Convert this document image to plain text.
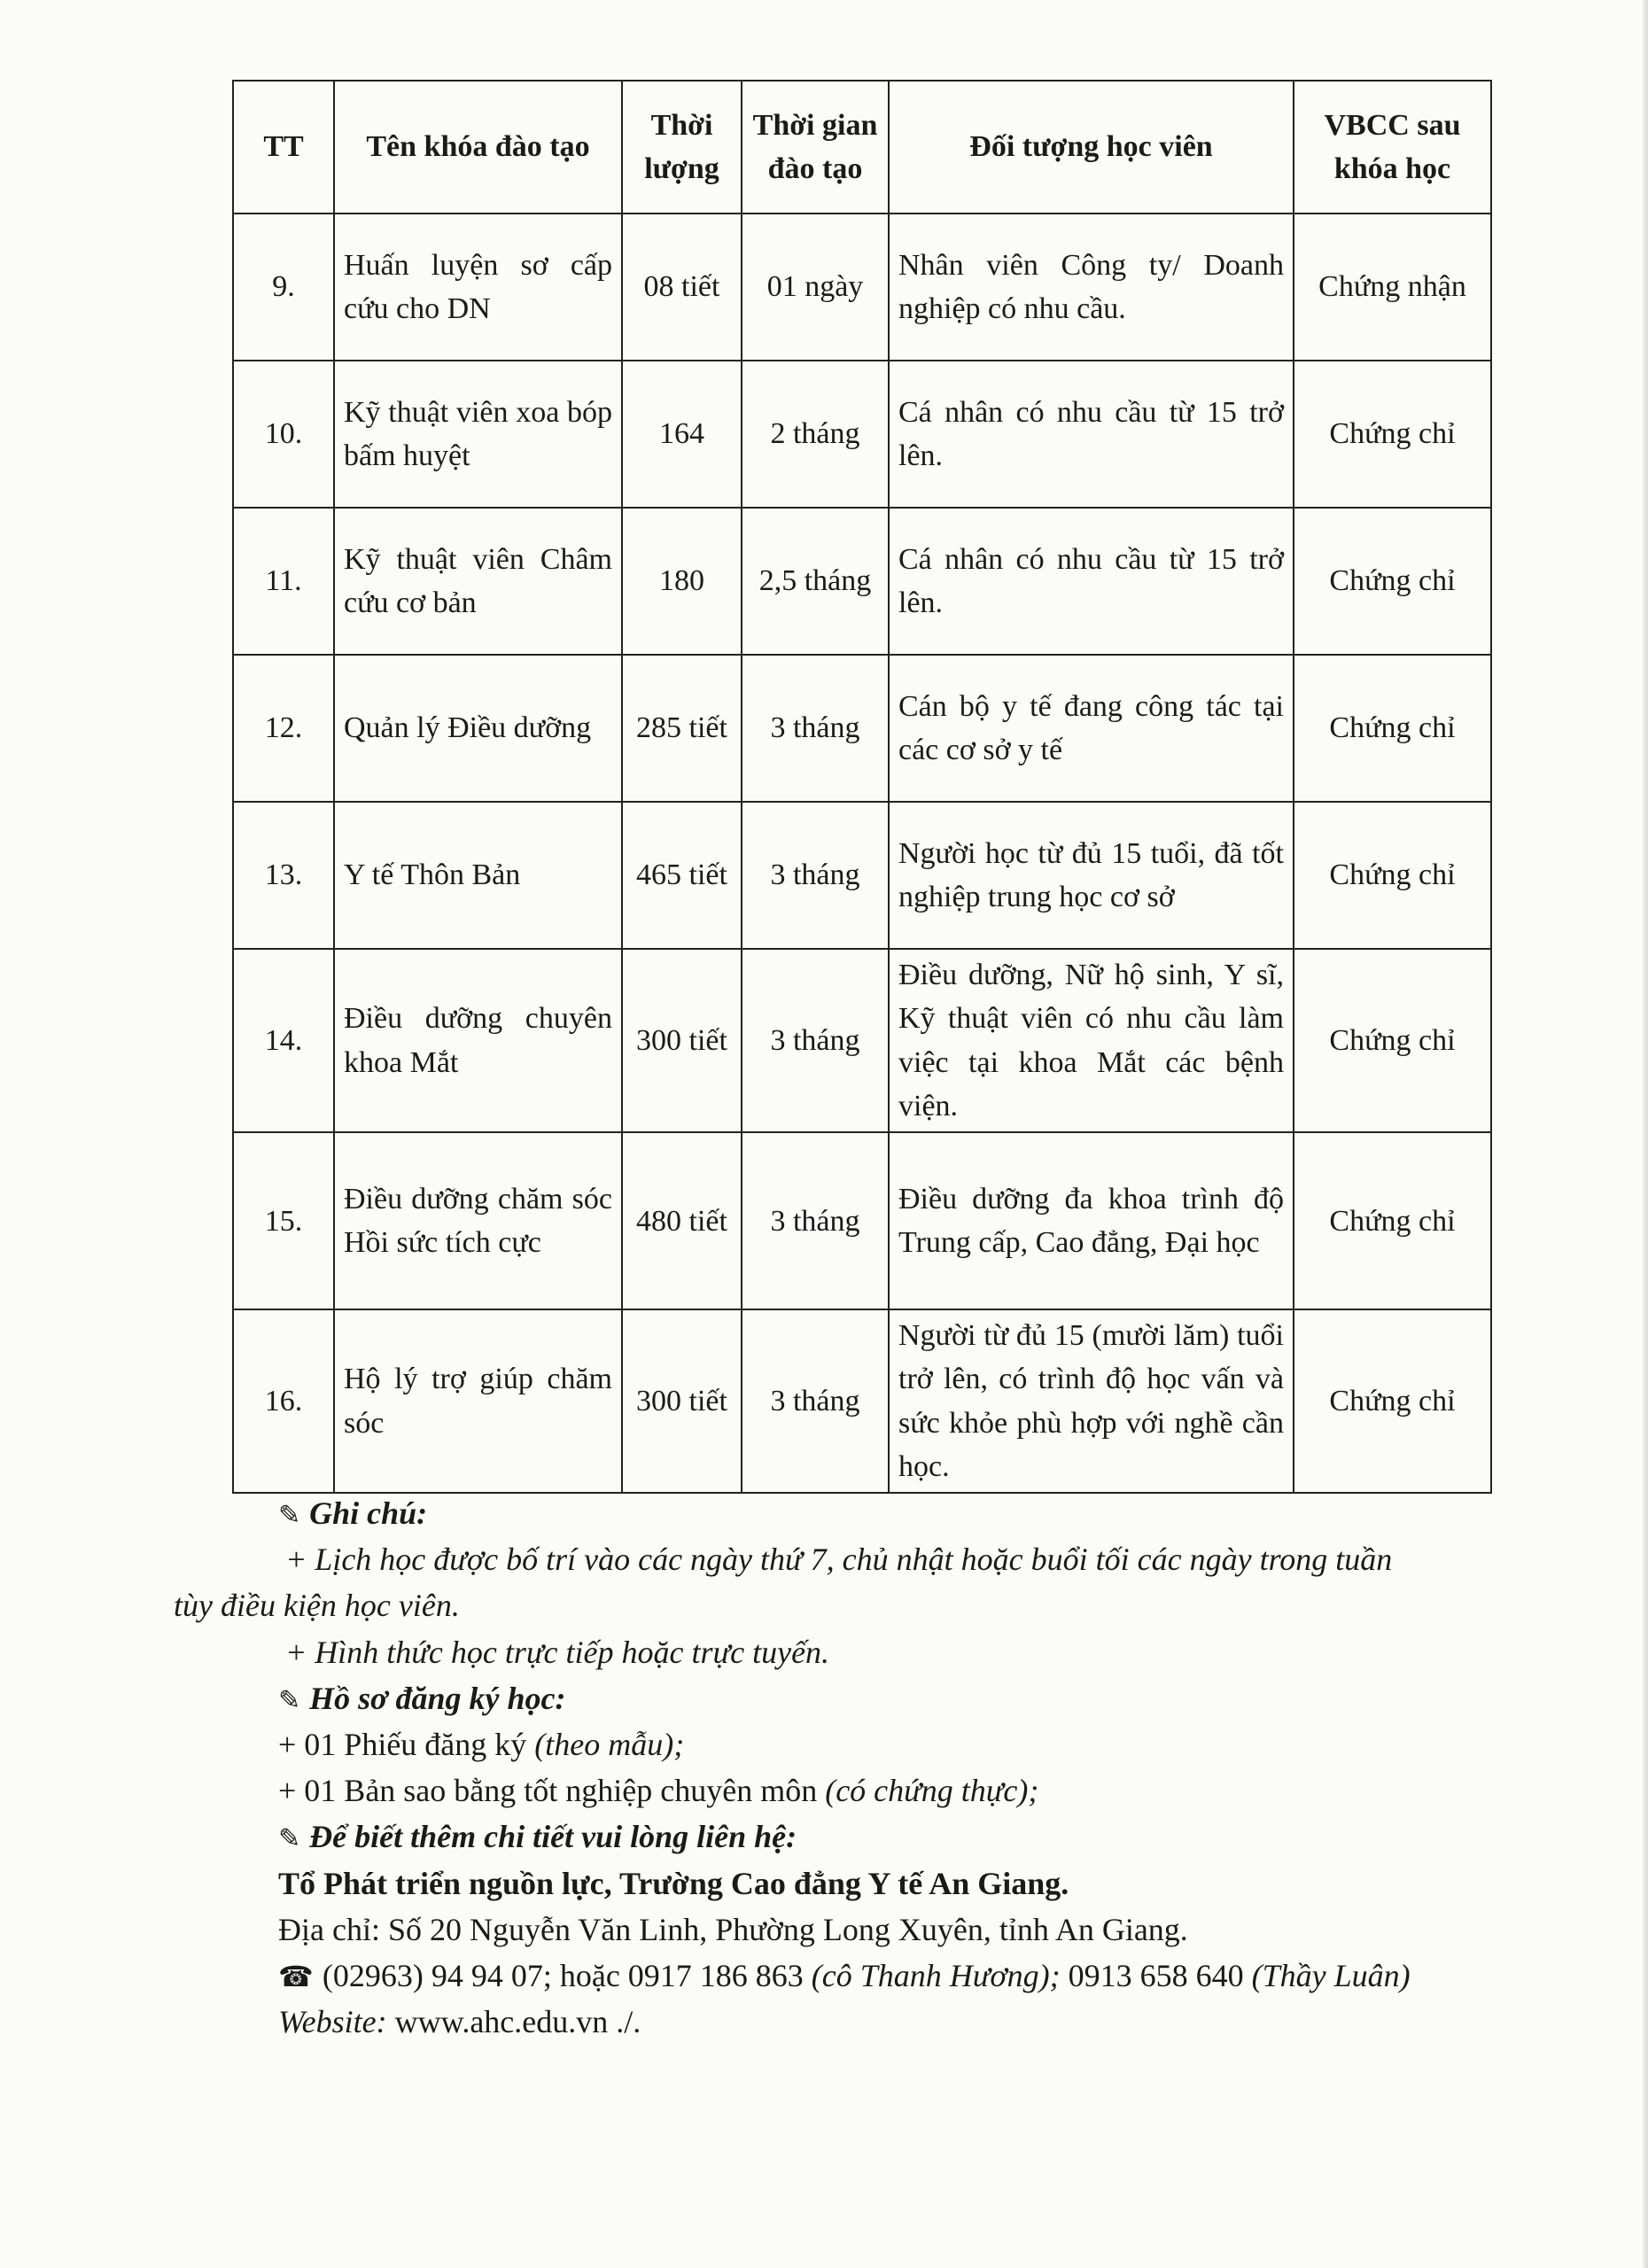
TT	Tên khóa đào tạo	Thời lượng	Thời gian đào tạo	Đối tượng học viên	VBCC sau khóa học
9.	Huấn luyện sơ cấp cứu cho DN	08 tiết	01 ngày	Nhân viên Công ty/ Doanh nghiệp có nhu cầu.	Chứng nhận
10.	Kỹ thuật viên xoa bóp bấm huyệt	164	2 tháng	Cá nhân có nhu cầu từ 15 trở lên.	Chứng chỉ
11.	Kỹ thuật viên Châm cứu cơ bản	180	2,5 tháng	Cá nhân có nhu cầu từ 15 trở lên.	Chứng chỉ
12.	Quản lý Điều dưỡng	285 tiết	3 tháng	Cán bộ y tế đang công tác tại các cơ sở y tế	Chứng chỉ
13.	Y tế Thôn Bản	465 tiết	3 tháng	Người học từ đủ 15 tuổi, đã tốt nghiệp trung học cơ sở	Chứng chỉ
14.	Điều dưỡng chuyên khoa Mắt	300 tiết	3 tháng	Điều dưỡng, Nữ hộ sinh, Y sĩ, Kỹ thuật viên có nhu cầu làm việc tại khoa Mắt các bệnh viện.	Chứng chỉ
15.	Điều dưỡng chăm sóc Hồi sức tích cực	480 tiết	3 tháng	Điều dưỡng đa khoa trình độ Trung cấp, Cao đẳng, Đại học	Chứng chỉ
16.	Hộ lý trợ giúp chăm sóc	300 tiết	3 tháng	Người từ đủ 15 (mười lăm) tuổi trở lên, có trình độ học vấn và sức khỏe phù hợp với nghề cần học.	Chứng chỉ

✎ Ghi chú:

+ Lịch học được bố trí vào các ngày thứ 7, chủ nhật hoặc buổi tối các ngày trong tuần

tùy điều kiện học viên.

+ Hình thức học trực tiếp hoặc trực tuyến.

✎ Hồ sơ đăng ký học:

+ 01 Phiếu đăng ký (theo mẫu);

+ 01 Bản sao bằng tốt nghiệp chuyên môn (có chứng thực);

✎ Để biết thêm chi tiết vui lòng liên hệ:

Tổ Phát triển nguồn lực, Trường Cao đẳng Y tế An Giang.

Địa chỉ: Số 20 Nguyễn Văn Linh, Phường Long Xuyên, tỉnh An Giang.

☎ (02963) 94 94 07; hoặc 0917 186 863 (cô Thanh Hương); 0913 658 640 (Thầy Luân)

Website: www.ahc.edu.vn ./.
